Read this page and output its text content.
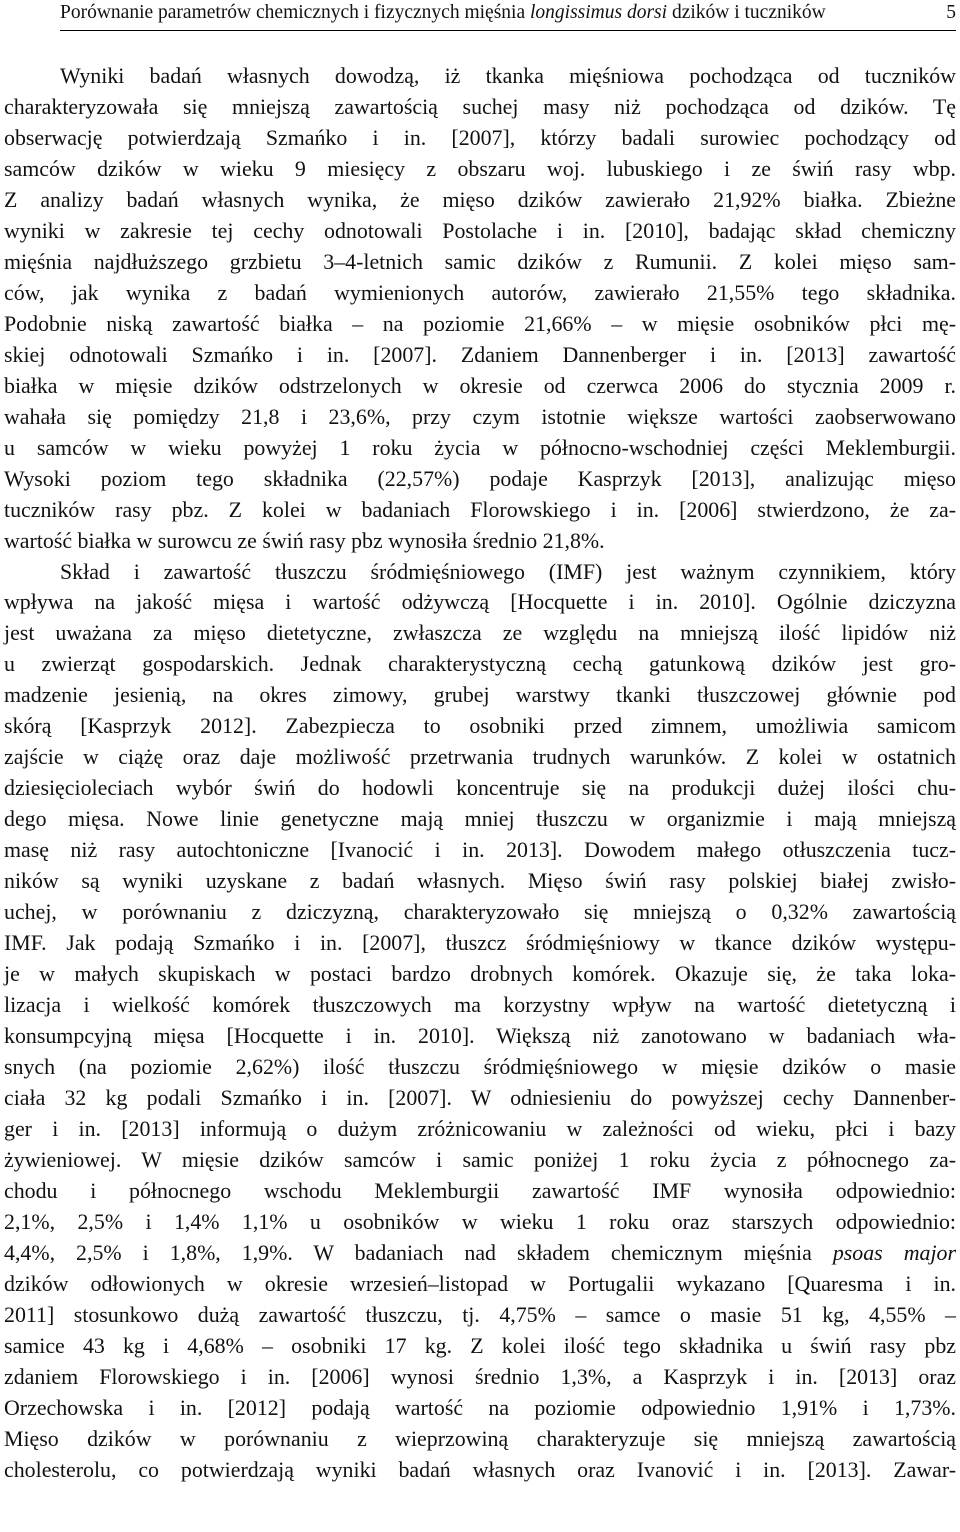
Porównanie parametrów chemicznych i fizycznych mięśnia longissimus dorsi dzików i tuczników	5
Wyniki badań własnych dowodzą, iż tkanka mięśniowa pochodząca od tuczników
charakteryzowała się mniejszą zawartością suchej masy niż pochodząca od dzików. Tę
obserwację potwierdzają Szmańko i in. [2007], którzy badali surowiec pochodzący od
samców dzików w wieku 9 miesięcy z obszaru woj. lubuskiego i ze świń rasy wbp.
Z analizy badań własnych wynika, że mięso dzików zawierało 21,92% białka. Zbieżne
wyniki w zakresie tej cechy odnotowali Postolache i in. [2010], badając skład chemiczny
mięśnia najdłuższego grzbietu 3–4-letnich samic dzików z Rumunii. Z kolei mięso sam-
ców, jak wynika z badań wymienionych autorów, zawierało 21,55% tego składnika.
Podobnie niską zawartość białka – na poziomie 21,66% – w mięsie osobników płci mę-
skiej odnotowali Szmańko i in. [2007]. Zdaniem Dannenberger i in. [2013] zawartość
białka w mięsie dzików odstrzelonych w okresie od czerwca 2006 do stycznia 2009 r.
wahała się pomiędzy 21,8 i 23,6%, przy czym istotnie większe wartości zaobserwowano
u samców w wieku powyżej 1 roku życia w północno-wschodniej części Meklemburgii.
Wysoki poziom tego składnika (22,57%) podaje Kasprzyk [2013], analizując mięso
tuczników rasy pbz. Z kolei w badaniach Florowskiego i in. [2006] stwierdzono, że za-
wartość białka w surowcu ze świń rasy pbz wynosiła średnio 21,8%.
Skład i zawartość tłuszczu śródmięśniowego (IMF) jest ważnym czynnikiem, który
wpływa na jakość mięsa i wartość odżywczą [Hocquette i in. 2010]. Ogólnie dziczyzna
jest uważana za mięso dietetyczne, zwłaszcza ze względu na mniejszą ilość lipidów niż
u zwierząt gospodarskich. Jednak charakterystyczną cechą gatunkową dzików jest gro-
madzenie jesienią, na okres zimowy, grubej warstwy tkanki tłuszczowej głównie pod
skórą [Kasprzyk 2012]. Zabezpiecza to osobniki przed zimnem, umożliwia samicom
zajście w ciążę oraz daje możliwość przetrwania trudnych warunków. Z kolei w ostatnich
dziesięcioleciach wybór świń do hodowli koncentruje się na produkcji dużej ilości chu-
dego mięsa. Nowe linie genetyczne mają mniej tłuszczu w organizmie i mają mniejszą
masę niż rasy autochtoniczne [Ivanocić i in. 2013]. Dowodem małego otłuszczenia tucz-
ników są wyniki uzyskane z badań własnych. Mięso świń rasy polskiej białej zwisło-
uchej, w porównaniu z dziczyzną, charakteryzowało się mniejszą o 0,32% zawartością
IMF. Jak podają Szmańko i in. [2007], tłuszcz śródmięśniowy w tkance dzików występu-
je w małych skupiskach w postaci bardzo drobnych komórek. Okazuje się, że taka loka-
lizacja i wielkość komórek tłuszczowych ma korzystny wpływ na wartość dietetyczną i
konsumpcyjną mięsa [Hocquette i in. 2010]. Większą niż zanotowano w badaniach wła-
snych (na poziomie 2,62%) ilość tłuszczu śródmięśniowego w mięsie dzików o masie
ciała 32 kg podali Szmańko i in. [2007]. W odniesieniu do powyższej cechy Dannenber-
ger i in. [2013] informują o dużym zróżnicowaniu w zależności od wieku, płci i bazy
żywieniowej. W mięsie dzików samców i samic poniżej 1 roku życia z północnego za-
chodu i północnego wschodu Meklemburgii zawartość IMF wynosiła odpowiednio:
2,1%, 2,5% i 1,4% 1,1% u osobników w wieku 1 roku oraz starszych odpowiednio:
4,4%, 2,5% i 1,8%, 1,9%. W badaniach nad składem chemicznym mięśnia psoas major
dzików odłowionych w okresie wrzesień–listopad w Portugalii wykazano [Quaresma i in.
2011] stosunkowo dużą zawartość tłuszczu, tj. 4,75% – samce o masie 51 kg, 4,55% –
samice 43 kg i 4,68% – osobniki 17 kg. Z kolei ilość tego składnika u świń rasy pbz
zdaniem Florowskiego i in. [2006] wynosi średnio 1,3%, a Kasprzyk i in. [2013] oraz
Orzechowska i in. [2012] podają wartość na poziomie odpowiednio 1,91% i 1,73%.
Mięso dzików w porównaniu z wieprzowiną charakteryzuje się mniejszą zawartością
cholesterolu, co potwierdzają wyniki badań własnych oraz Ivanović i in. [2013]. Zawar-
